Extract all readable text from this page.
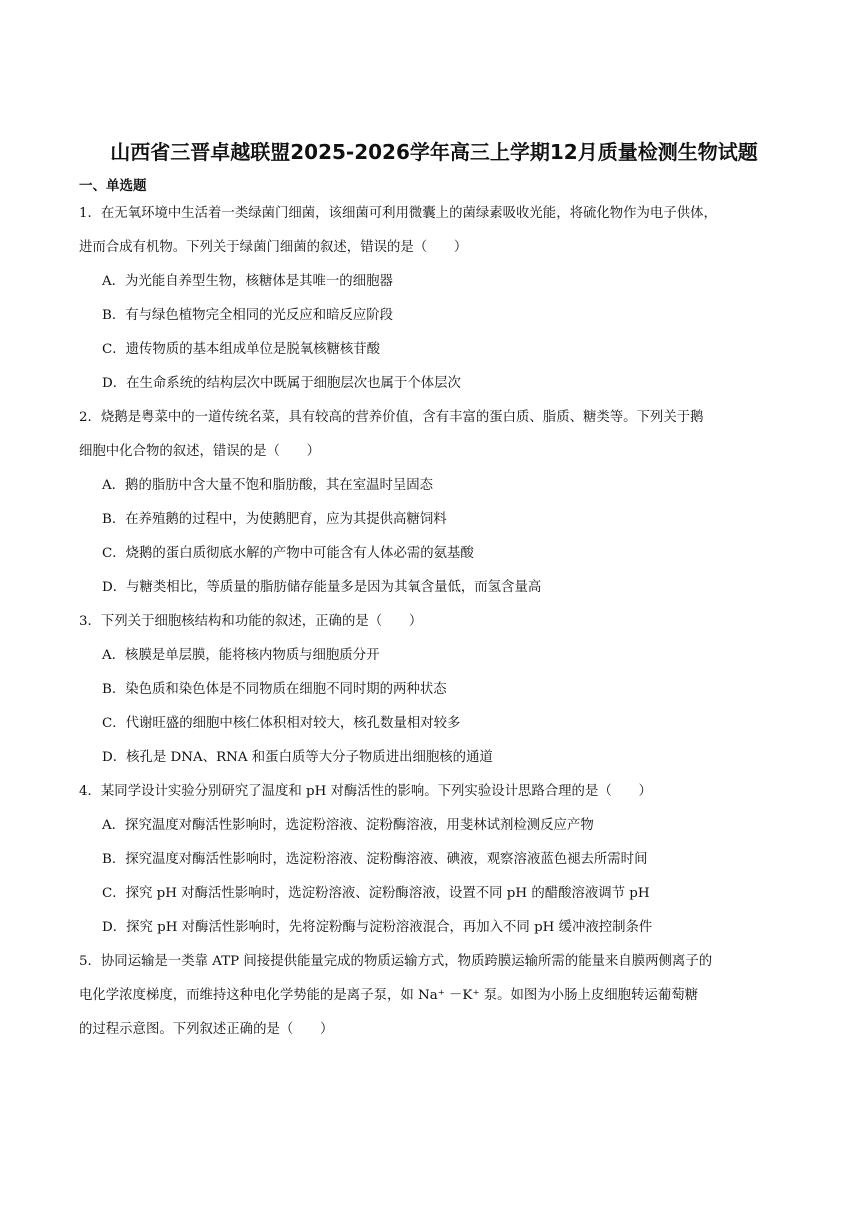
山西省三晋卓越联盟2025-2026学年高三上学期12月质量检测生物试题
一、单选题
1．在无氧环境中生活着一类绿菌门细菌，该细菌可利用微囊上的菌绿素吸收光能，将硫化物作为电子供体，
进而合成有机物。下列关于绿菌门细菌的叙述，错误的是（　　）
A．为光能自养型生物，核糖体是其唯一的细胞器
B．有与绿色植物完全相同的光反应和暗反应阶段
C．遗传物质的基本组成单位是脱氧核糖核苷酸
D．在生命系统的结构层次中既属于细胞层次也属于个体层次
2．烧鹅是粤菜中的一道传统名菜，具有较高的营养价值，含有丰富的蛋白质、脂质、糖类等。下列关于鹅
细胞中化合物的叙述，错误的是（　　）
A．鹅的脂肪中含大量不饱和脂肪酸，其在室温时呈固态
B．在养殖鹅的过程中，为使鹅肥育，应为其提供高糖饲料
C．烧鹅的蛋白质彻底水解的产物中可能含有人体必需的氨基酸
D．与糖类相比，等质量的脂肪储存能量多是因为其氧含量低，而氢含量高
3．下列关于细胞核结构和功能的叙述，正确的是（　　）
A．核膜是单层膜，能将核内物质与细胞质分开
B．染色质和染色体是不同物质在细胞不同时期的两种状态
C．代谢旺盛的细胞中核仁体积相对较大，核孔数量相对较多
D．核孔是 DNA、RNA 和蛋白质等大分子物质进出细胞核的通道
4．某同学设计实验分别研究了温度和 pH 对酶活性的影响。下列实验设计思路合理的是（　　）
A．探究温度对酶活性影响时，选淀粉溶液、淀粉酶溶液，用斐林试剂检测反应产物
B．探究温度对酶活性影响时，选淀粉溶液、淀粉酶溶液、碘液，观察溶液蓝色褪去所需时间
C．探究 pH 对酶活性影响时，选淀粉溶液、淀粉酶溶液，设置不同 pH 的醋酸溶液调节 pH
D．探究 pH 对酶活性影响时，先将淀粉酶与淀粉溶液混合，再加入不同 pH 缓冲液控制条件
5．协同运输是一类靠 ATP 间接提供能量完成的物质运输方式，物质跨膜运输所需的能量来自膜两侧离子的
电化学浓度梯度，而维持这种电化学势能的是离子泵，如 Na⁺ －K⁺ 泵。如图为小肠上皮细胞转运葡萄糖
的过程示意图。下列叙述正确的是（　　）
